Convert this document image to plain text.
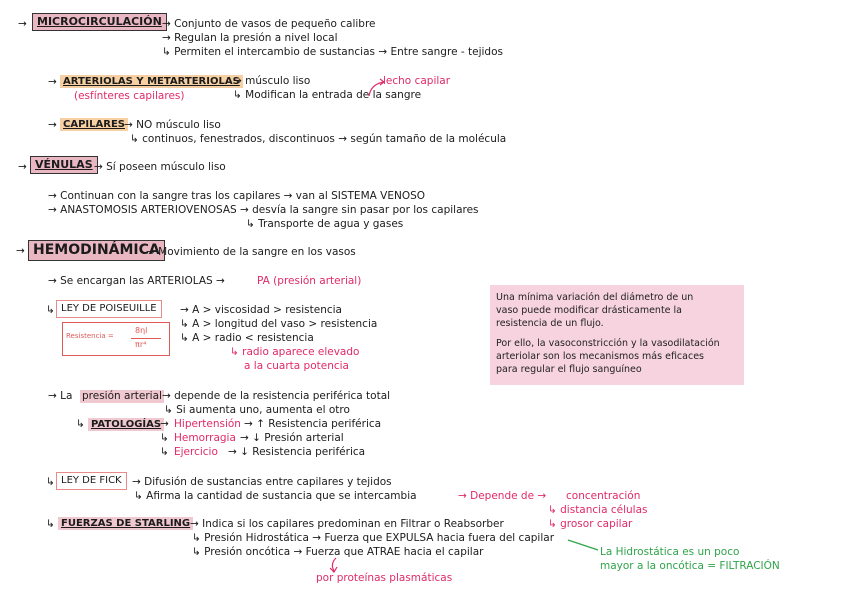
→ MICROCIRCULACIÓN → Conjunto de vasos de pequeño calibre
→ Regulan la presión a nivel local
↳ Permiten el intercambio de sustancias → Entre sangre - tejidos
→ ARTERIOLAS Y METARTERIOLAS
(esfínteres capilares)
→ músculo liso
↳ Modifican la entrada de la sangre
lecho capilar
→ CAPILARES → NO músculo liso
↳ continuos, fenestrados, discontinuos → según tamaño de la molécula
→ VÉNULAS → Sí poseen músculo liso
→ Continuan con la sangre tras los capilares → van al SISTEMA VENOSO
→ ANASTOMOSIS ARTERIOVENOSAS → desvía la sangre sin pasar por los capilares
↳ Transporte de agua y gases
→ HEMODINÁMICA
→ Movimiento de la sangre en los vasos
→ Se encargan las ARTERIOLAS →	PA (presión arterial)
↳ LEY DE POISEUILLE	→ A > viscosidad > resistencia
↳ A > longitud del vaso > resistencia
↳ A > radio < resistencia
↳ radio aparece elevado
a la cuarta potencia
Resistencia =
8ηl
πr⁴

Una mínima variación del diámetro de un

vaso puede modificar drásticamente la

resistencia de un flujo.

Por ello, la vasoconstricción y la vasodilatación

arteriolar son los mecanismos más eficaces

para regular el flujo sanguíneo

→ La presión arterial → depende de la resistencia periférica total
↳ Si aumenta uno, aumenta el otro
↳ PATOLOGÍAS
→ Hipertensión → ↑ Resistencia periférica
↳ Hemorragia → ↓ Presión arterial
↳ Ejercicio → ↓ Resistencia periférica
↳ LEY DE FICK → Difusión de sustancias entre capilares y tejidos
↳ Afirma la cantidad de sustancia que se intercambia	→ Depende de → concentración
↳ distancia células
↳ grosor capilar
↳ FUERZAS DE STARLING → Indica si los capilares predominan en Filtrar o Reabsorber
↳ Presión Hidrostática → Fuerza que EXPULSA hacia fuera del capilar
↳ Presión oncótica → Fuerza que ATRAE hacia el capilar	La Hidrostática es un poco
mayor a la oncótica = FILTRACIÓN
por proteínas plasmáticas
